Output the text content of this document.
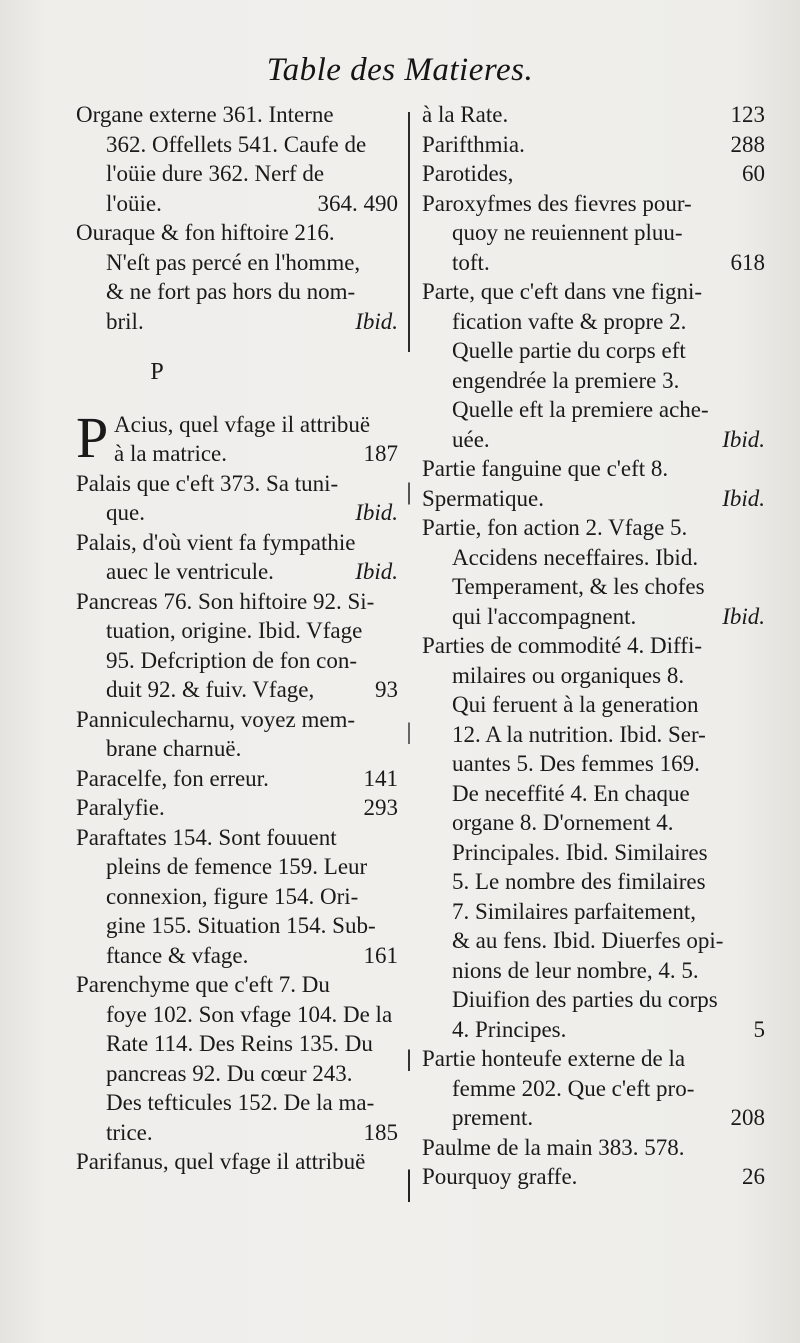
Table des Matieres.
Organe externe 361. Interne
362. Offellets 541. Caufe de
l'oüie dure 362. Nerf de
l'oüie.	364. 490
Ouraque & fon hiftoire 216.
N'eſt pas percé en l'homme,
& ne fort pas hors du nom-
bril.	Ibid.
P
P Acius, quel vfage il attribuë
à la matrice.	187
Palais que c'eft 373. Sa tuni-
que.	Ibid.
Palais, d'où vient fa fympathie
auec le ventricule.	Ibid.
Pancreas 76. Son hiftoire 92. Si-
tuation, origine. Ibid. Vfage
95. Defcription de fon con-
duit 92. & fuiv. Vfage,	93
Panniculecharnu, voyez mem-
brane charnuë.
Paracelfe, fon erreur.	141
Paralyfie.	293
Paraftates 154. Sont fouuent
pleins de femence 159. Leur
connexion, figure 154. Ori-
gine 155. Situation 154. Sub-
ftance & vfage.	161
Parenchyme que c'eft 7. Du
foye 102. Son vfage 104. De la
Rate 114. Des Reins 135. Du
pancreas 92. Du cœur 243.
Des tefticules 152. De la ma-
trice.	185
Parifanus, quel vfage il attribuë
à la Rate.	123
Parifthmia.	288
Parotides,	60
Paroxyfmes des fievres pour-
quoy ne reuiennent pluu-
toft.	618
Parte, que c'eft dans vne figni-
fication vafte & propre 2.
Quelle partie du corps eft
engendrée la premiere 3.
Quelle eft la premiere ache-
uée.	Ibid.
Partie fanguine que c'eft 8.
Spermatique.	Ibid.
Partie, fon action 2. Vfage 5.
Accidens neceffaires. Ibid.
Temperament, & les chofes
qui l'accompagnent.	Ibid.
Parties de commodité 4. Diffi-
milaires ou organiques 8.
Qui feruent à la generation
12. A la nutrition. Ibid. Ser-
uantes 5. Des femmes 169.
De neceffité 4. En chaque
organe 8. D'ornement 4.
Principales. Ibid. Similaires
5. Le nombre des fimilaires
7. Similaires parfaitement,
& au fens. Ibid. Diuerfes opi-
nions de leur nombre, 4. 5.
Diuifion des parties du corps
4. Principes.	5
Partie honteufe externe de la
femme 202. Que c'eft pro-
prement.	208
Paulme de la main 383. 578.
Pourquoy graffe.	26
